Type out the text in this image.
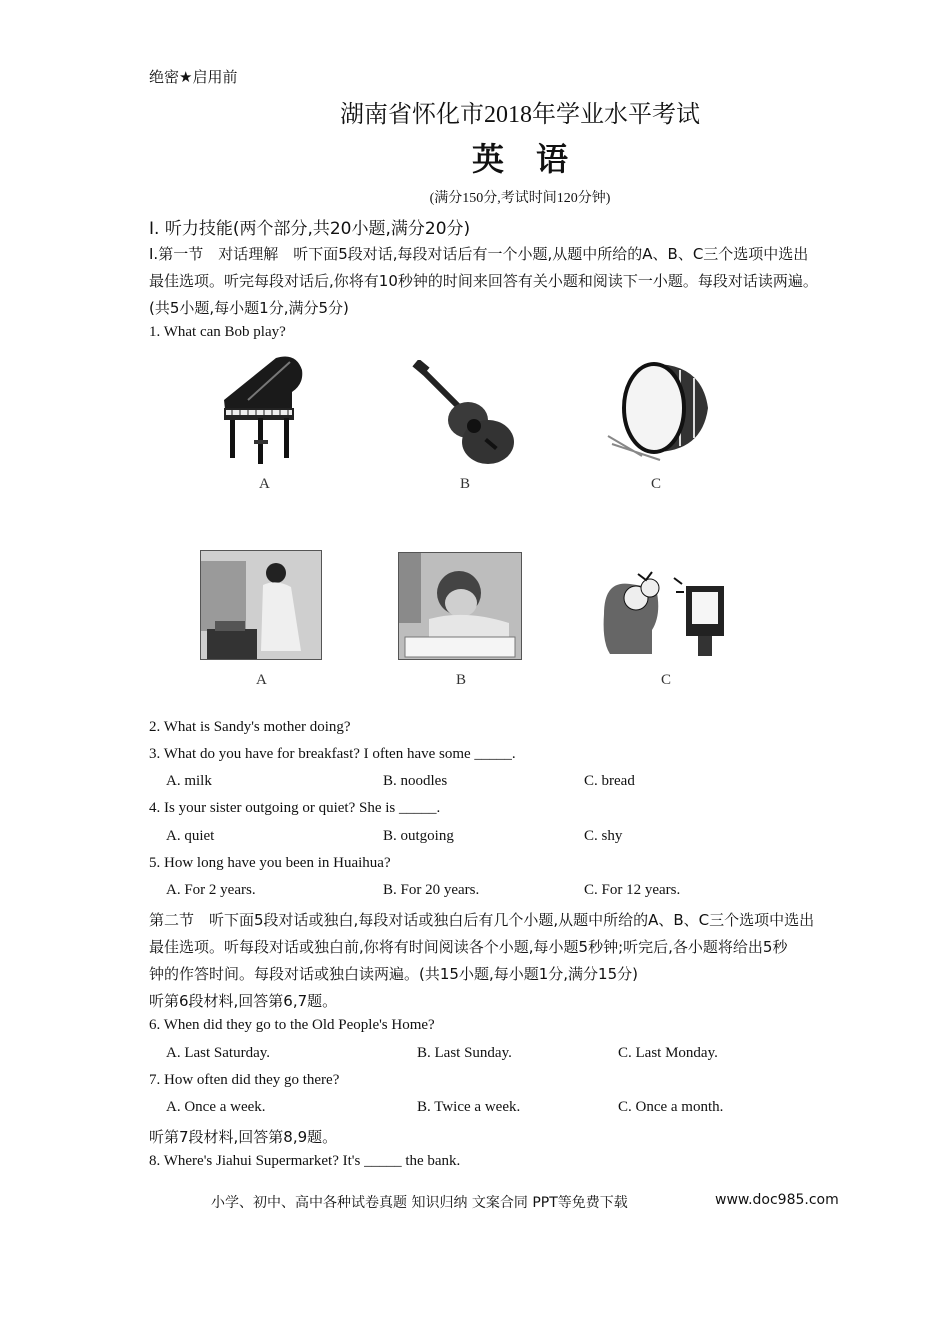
绝密★启用前
湖南省怀化市2018年学业水平考试
英　语
(满分150分,考试时间120分钟)
Ⅰ. 听力技能(两个部分,共20小题,满分20分)
I.第一节　对话理解　听下面5段对话,每段对话后有一个小题,从题中所给的A、B、C三个选项中选出
最佳选项。听完每段对话后,你将有10秒钟的时间来回答有关小题和阅读下一小题。每段对话读两遍。
(共5小题,每小题1分,满分5分)
1. What can Bob play?
A	B	C
A	B	C
2. What is Sandy's mother doing?
3. What do you have for breakfast? I often have some _____.
A. milk	B. noodles	C. bread
4. Is your sister outgoing or quiet? She is _____.
A. quiet	B. outgoing	C. shy
5. How long have you been in Huaihua?
A. For 2 years.	B. For 20 years.	C. For 12 years.
第二节　听下面5段对话或独白,每段对话或独白后有几个小题,从题中所给的A、B、C三个选项中选出
最佳选项。听每段对话或独白前,你将有时间阅读各个小题,每小题5秒钟;听完后,各小题将给出5秒
钟的作答时间。每段对话或独白读两遍。(共15小题,每小题1分,满分15分)
听第6段材料,回答第6,7题。
6. When did they go to the Old People's Home?
A. Last Saturday.	B. Last Sunday.	C. Last Monday.
7. How often did they go there?
A. Once a week.	B. Twice a week.	C. Once a month.
听第7段材料,回答第8,9题。
8. Where's Jiahui Supermarket? It's _____ the bank.
小学、初中、高中各种试卷真题 知识归纳 文案合同 PPT等免费下载	www.doc985.com
